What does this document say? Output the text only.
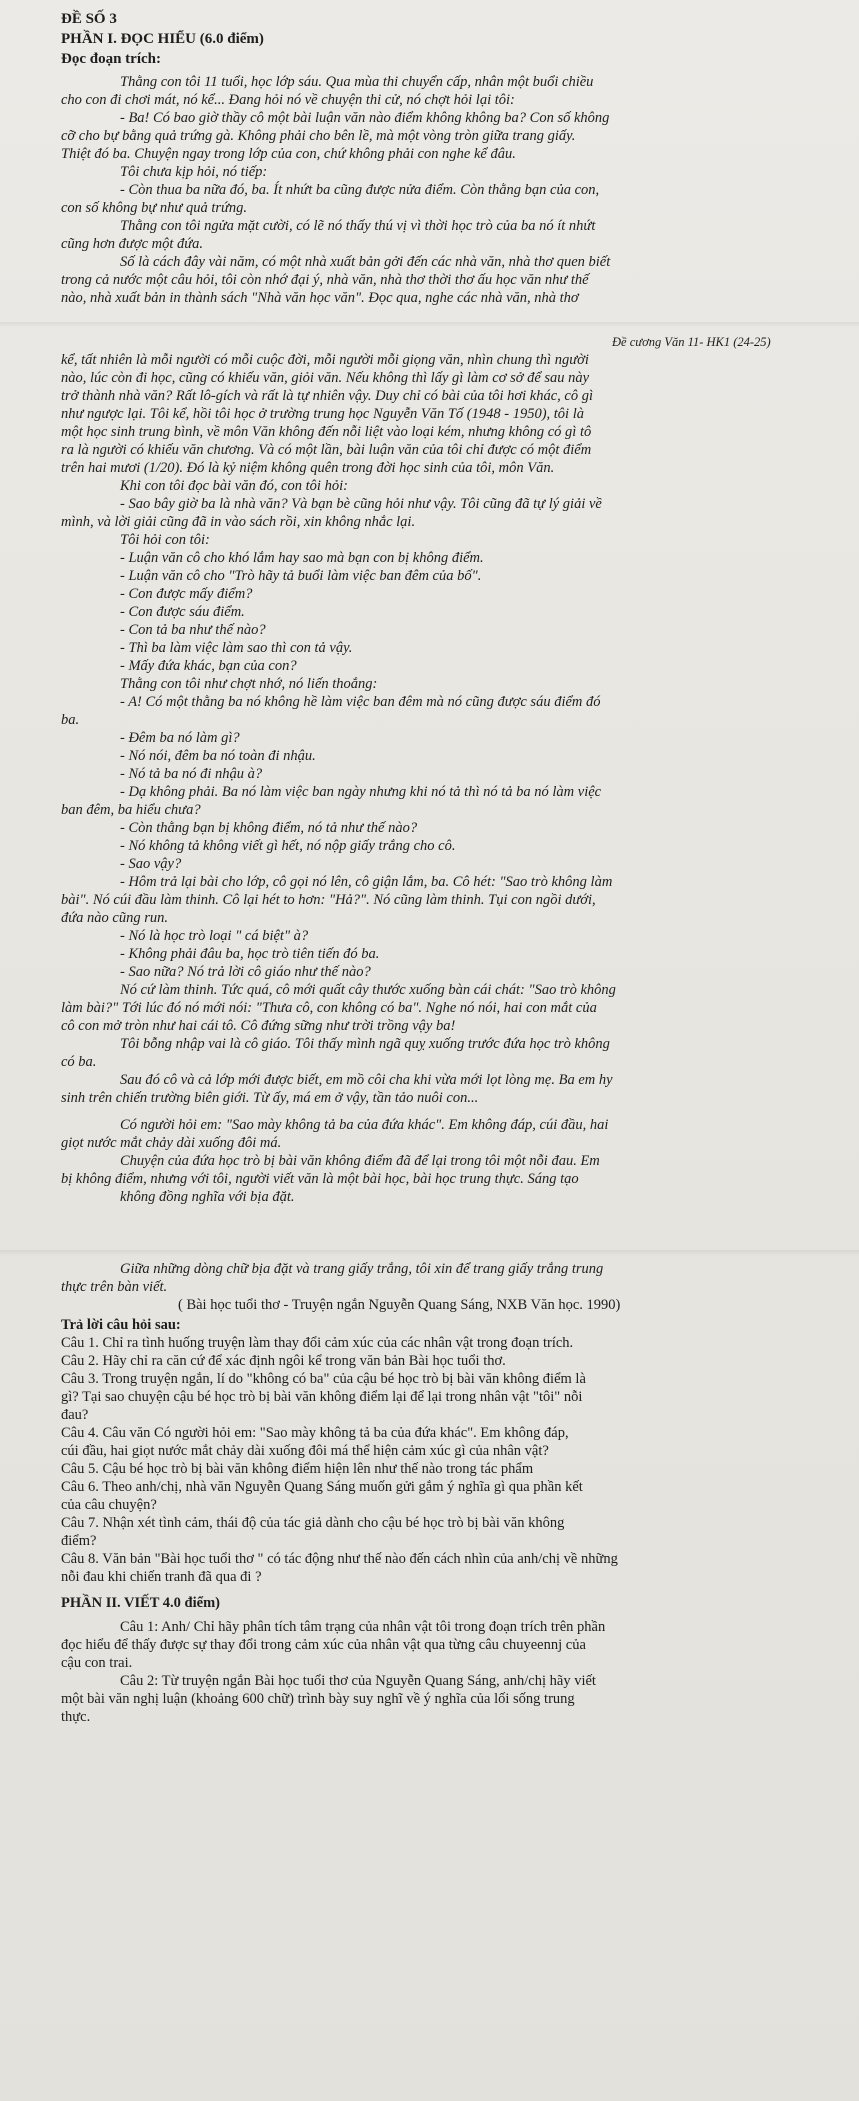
ĐỀ SỐ 3

PHẦN I. ĐỌC HIỂU (6.0 điểm)

Đọc đoạn trích:

Thằng con tôi 11 tuổi, học lớp sáu. Qua mùa thi chuyển cấp, nhân một buổi chiều

cho con đi chơi mát, nó kể... Đang hỏi nó về chuyện thi cử, nó chợt hỏi lại tôi:

- Ba! Có bao giờ thầy cô một bài luận văn nào điểm không không ba? Con số không

cỡ cho bự bằng quả trứng gà. Không phải cho bên lề, mà một vòng tròn giữa trang giấy.

Thiệt đó ba. Chuyện ngay trong lớp của con, chứ không phải con nghe kể đâu.

Tôi chưa kịp hỏi, nó tiếp:

- Còn thua ba nữa đó, ba. Ít nhứt ba cũng được nửa điểm. Còn thằng bạn của con,

con số không bự như quả trứng.

Thằng con tôi ngửa mặt cười, có lẽ nó thấy thú vị vì thời học trò của ba nó ít nhứt

cũng hơn được một đứa.

Số là cách đây vài năm, có một nhà xuất bản gởi đến các nhà văn, nhà thơ quen biết

trong cả nước một câu hỏi, tôi còn nhớ đại ý, nhà văn, nhà thơ thời thơ ấu học văn như thế

nào, nhà xuất bản in thành sách "Nhà văn học văn". Đọc qua, nghe các nhà văn, nhà thơ

Đề cương Văn 11- HK1 (24-25)

kể, tất nhiên là mỗi người có mỗi cuộc đời, mỗi người mỗi giọng văn, nhìn chung thì người

nào, lúc còn đi học, cũng có khiếu văn, giỏi văn. Nếu không thì lấy gì làm cơ sở để sau này

trở thành nhà văn? Rất lô-gích và rất là tự nhiên vậy. Duy chỉ có bài của tôi hơi khác, cô gì

như ngược lại. Tôi kể, hồi tôi học ở trường trung học Nguyễn Văn Tố (1948 - 1950), tôi là

một học sinh trung bình, về môn Văn không đến nỗi liệt vào loại kém, nhưng không có gì tô

ra là người có khiếu văn chương. Và có một lần, bài luận văn của tôi chỉ được có một điểm

trên hai mươi (1/20). Đó là kỷ niệm không quên trong đời học sinh của tôi, môn Văn.

Khi con tôi đọc bài văn đó, con tôi hỏi:

- Sao bây giờ ba là nhà văn? Và bạn bè cũng hỏi như vậy. Tôi cũng đã tự lý giải về

mình, và lời giải cũng đã in vào sách rồi, xin không nhắc lại.

Tôi hỏi con tôi:

- Luận văn cô cho khó lắm hay sao mà bạn con bị không điểm.

- Luận văn cô cho "Trò hãy tả buổi làm việc ban đêm của bố".

- Con được mấy điểm?

- Con được sáu điểm.

- Con tả ba như thế nào?

- Thì ba làm việc làm sao thì con tả vậy.

- Mấy đứa khác, bạn của con?

Thằng con tôi như chợt nhớ, nó liến thoắng:

- A! Có một thằng ba nó không hề làm việc ban đêm mà nó cũng được sáu điểm đó

ba.

- Đêm ba nó làm gì?

- Nó nói, đêm ba nó toàn đi nhậu.

- Nó tả ba nó đi nhậu à?

- Dạ không phải. Ba nó làm việc ban ngày nhưng khi nó tả thì nó tả ba nó làm việc

ban đêm, ba hiểu chưa?

- Còn thằng bạn bị không điểm, nó tả như thế nào?

- Nó không tả không viết gì hết, nó nộp giấy trắng cho cô.

- Sao vậy?

- Hôm trả lại bài cho lớp, cô gọi nó lên, cô giận lắm, ba. Cô hét: "Sao trò không làm

bài". Nó cúi đầu làm thinh. Cô lại hét to hơn: "Hả?". Nó cũng làm thinh. Tụi con ngồi dưới,

đứa nào cũng run.

- Nó là học trò loại " cá biệt" à?

- Không phải đâu ba, học trò tiên tiến đó ba.

- Sao nữa? Nó trả lời cô giáo như thế nào?

Nó cứ làm thinh. Tức quá, cô mới quất cây thước xuống bàn cái chát: "Sao trò không

làm bài?" Tới lúc đó nó mới nói: "Thưa cô, con không có ba". Nghe nó nói, hai con mắt của

cô con mở tròn như hai cái tô. Cô đứng sững như trời trồng vậy ba!

Tôi bỗng nhập vai là cô giáo. Tôi thấy mình ngã quỵ xuống trước đứa học trò không

có ba.

Sau đó cô và cả lớp mới được biết, em mồ côi cha khi vừa mới lọt lòng mẹ. Ba em hy

sinh trên chiến trường biên giới. Từ ấy, má em ở vậy, tần tảo nuôi con...

Có người hỏi em: "Sao mày không tả ba của đứa khác". Em không đáp, cúi đầu, hai

giọt nước mắt chảy dài xuống đôi má.

Chuyện của đứa học trò bị bài văn không điểm đã để lại trong tôi một nỗi đau. Em

bị không điểm, nhưng với tôi, người viết văn là một bài học, bài học trung thực. Sáng tạo

không đồng nghĩa với bịa đặt.

Giữa những dòng chữ bịa đặt và trang giấy trắng, tôi xin để trang giấy trắng trung

thực trên bàn viết.

( Bài học tuổi thơ - Truyện ngắn Nguyễn Quang Sáng, NXB Văn học. 1990)

Trả lời câu hỏi sau:

Câu 1. Chỉ ra tình huống truyện làm thay đổi cảm xúc của các nhân vật trong đoạn trích.

Câu 2. Hãy chỉ ra căn cứ để xác định ngôi kể trong văn bản Bài học tuổi thơ.

Câu 3. Trong truyện ngắn, lí do "không có ba" của cậu bé học trò bị bài văn không điểm là

gì? Tại sao chuyện cậu bé học trò bị bài văn không điểm lại để lại trong nhân vật "tôi" nỗi

đau?

Câu 4. Câu văn Có người hỏi em: "Sao mày không tả ba của đứa khác". Em không đáp,

cúi đầu, hai giọt nước mắt chảy dài xuống đôi má thể hiện cảm xúc gì của nhân vật?

Câu 5. Cậu bé học trò bị bài văn không điểm hiện lên như thế nào trong tác phẩm

Câu 6. Theo anh/chị, nhà văn Nguyễn Quang Sáng muốn gửi gắm ý nghĩa gì qua phần kết

của câu chuyện?

Câu 7. Nhận xét tình cảm, thái độ của tác giả dành cho cậu bé học trò bị bài văn không

điểm?

Câu 8. Văn bản "Bài học tuổi thơ " có tác động như thế nào đến cách nhìn của anh/chị về những

nỗi đau khi chiến tranh đã qua đi ?

PHẦN II. VIẾT 4.0 điểm)

Câu 1: Anh/ Chỉ hãy phân tích tâm trạng của nhân vật tôi trong đoạn trích trên phần

đọc hiểu để thấy được sự thay đổi trong cảm xúc của nhân vật qua từng câu chuyeennj của

cậu con trai.

Câu 2: Từ truyện ngắn Bài học tuổi thơ của Nguyễn Quang Sáng, anh/chị hãy viết

một bài văn nghị luận (khoảng 600 chữ) trình bày suy nghĩ về ý nghĩa của lối sống trung

thực.
